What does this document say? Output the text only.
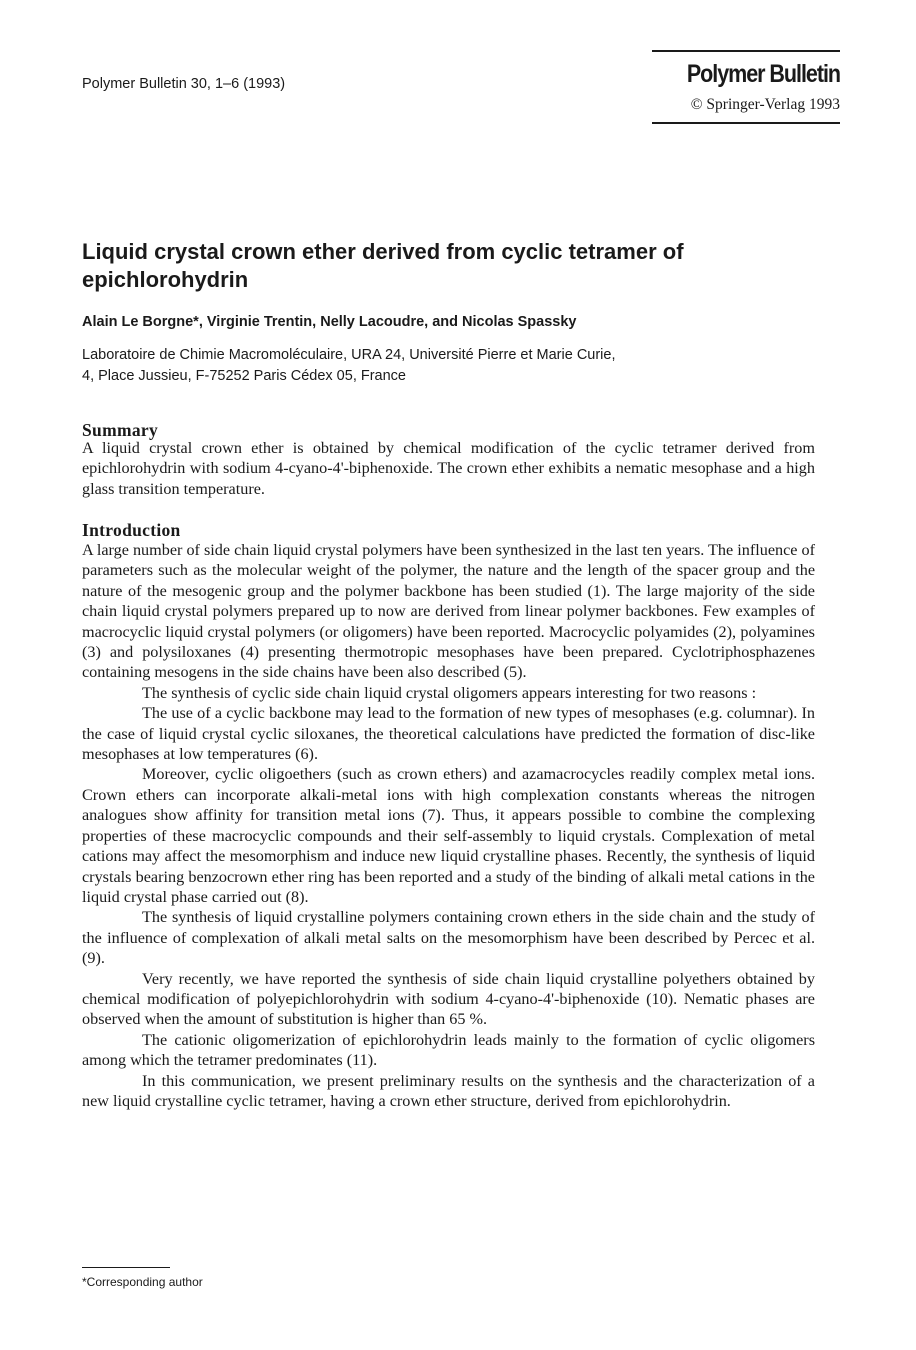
Polymer Bulletin 30, 1–6 (1993)	Polymer Bulletin
© Springer-Verlag 1993
Liquid crystal crown ether derived from cyclic tetramer of epichlorohydrin
Alain Le Borgne*, Virginie Trentin, Nelly Lacoudre, and Nicolas Spassky
Laboratoire de Chimie Macromoléculaire, URA 24, Université Pierre et Marie Curie,
4, Place Jussieu, F-75252 Paris Cédex 05, France
Summary

A liquid crystal crown ether is obtained by chemical modification of the cyclic tetramer derived from epichlorohydrin with sodium 4-cyano-4'-biphenoxide. The crown ether exhibits a nematic mesophase and a high glass transition temperature.

Introduction

A large number of side chain liquid crystal polymers have been synthesized in the last ten years. The influence of parameters such as the molecular weight of the polymer, the nature and the length of the spacer group and the nature of the mesogenic group and the polymer backbone has been studied (1). The large majority of the side chain liquid crystal polymers prepared up to now are derived from linear polymer backbones. Few examples of macrocyclic liquid crystal polymers (or oligomers) have been reported. Macrocyclic polyamides (2), polyamines (3) and polysiloxanes (4) presenting thermotropic mesophases have been prepared. Cyclotriphosphazenes containing mesogens in the side chains have been also described (5).

The synthesis of cyclic side chain liquid crystal oligomers appears interesting for two reasons :

The use of a cyclic backbone may lead to the formation of new types of mesophases (e.g. columnar). In the case of liquid crystal cyclic siloxanes, the theoretical calculations have predicted the formation of disc-like mesophases at low temperatures (6).

Moreover, cyclic oligoethers (such as crown ethers) and azamacrocycles readily complex metal ions. Crown ethers can incorporate alkali-metal ions with high complexation constants whereas the nitrogen analogues show affinity for transition metal ions (7). Thus, it appears possible to combine the complexing properties of these macrocyclic compounds and their self-assembly to liquid crystals. Complexation of metal cations may affect the mesomorphism and induce new liquid crystalline phases. Recently, the synthesis of liquid crystals bearing benzocrown ether ring has been reported and a study of the binding of alkali metal cations in the liquid crystal phase carried out (8).

The synthesis of liquid crystalline polymers containing crown ethers in the side chain and the study of the influence of complexation of alkali metal salts on the mesomorphism have been described by Percec et al. (9).

Very recently, we have reported the synthesis of side chain liquid crystalline polyethers obtained by chemical modification of polyepichlorohydrin with sodium 4-cyano-4'-biphenoxide (10). Nematic phases are observed when the amount of substitution is higher than 65 %.

The cationic oligomerization of epichlorohydrin leads mainly to the formation of cyclic oligomers among which the tetramer predominates (11).

In this communication, we present preliminary results on the synthesis and the characterization of a new liquid crystalline cyclic tetramer, having a crown ether structure, derived from epichlorohydrin.

*Corresponding author
